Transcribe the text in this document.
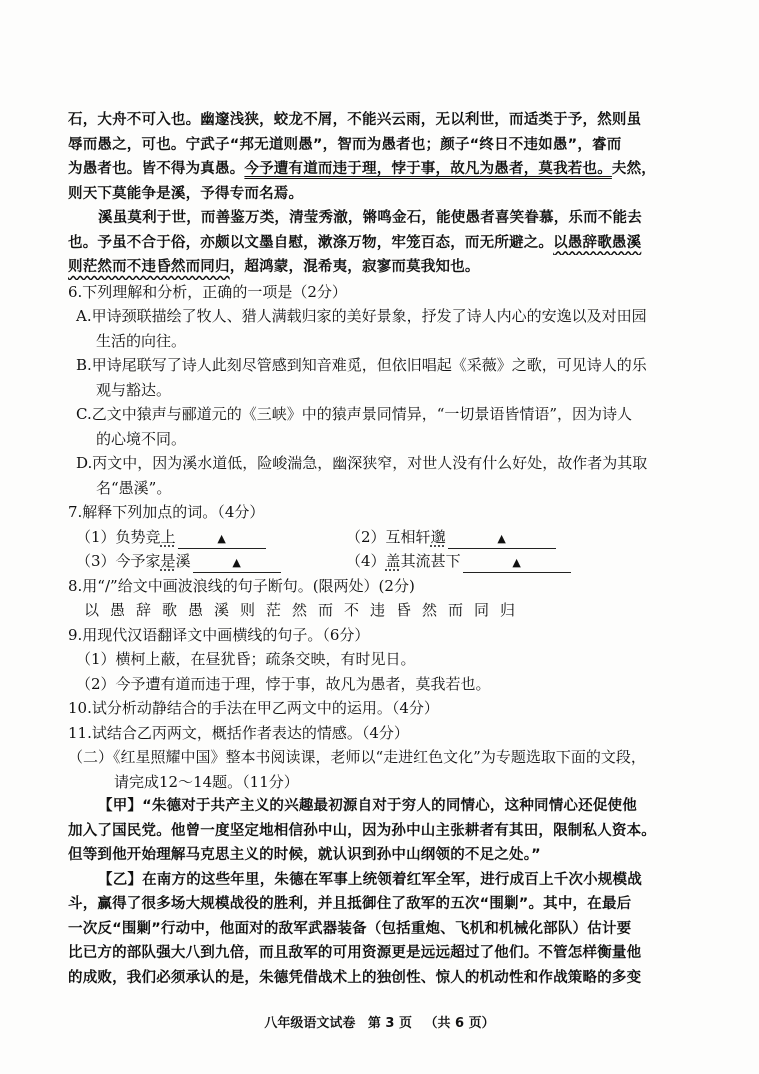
石，大舟不可入也。幽邃浅狭，蛟龙不屑，不能兴云雨，无以利世，而适类于予，然则虽
辱而愚之，可也。宁武子“邦无道则愚”，智而为愚者也；颜子“终日不违如愚”，睿而
为愚者也。皆不得为真愚。今予遭有道而违于理，悖于事，故凡为愚者，莫我若也。夫然，
则天下莫能争是溪，予得专而名焉。
溪虽莫利于世，而善鉴万类，清莹秀澈，锵鸣金石，能使愚者喜笑眷慕，乐而不能去
也。予虽不合于俗，亦颇以文墨自慰，漱涤万物，牢笼百态，而无所避之。以愚辞歌愚溪
则茫然而不违昏然而同归，超鸿蒙，混希夷，寂寥而莫我知也。
6.下列理解和分析，正确的一项是（2分）
A.甲诗颈联描绘了牧人、猎人满载归家的美好景象，抒发了诗人内心的安逸以及对田园
生活的向往。
B.甲诗尾联写了诗人此刻尽管感到知音难觅，但依旧唱起《采薇》之歌，可见诗人的乐
观与豁达。
C.乙文中猿声与郦道元的《三峡》中的猿声景同情异，“一切景语皆情语”，因为诗人
的心境不同。
D.丙文中，因为溪水道低，险峻湍急，幽深狭窄，对世人没有什么好处，故作者为其取
名“愚溪”。
7.解释下列加点的词。（4分）
（1）负势竞上	▲	（2）互相轩邈	▲
（3）今予家是溪	▲	（4）盖其流甚下	▲
8.用“/”给文中画波浪线的句子断句。(限两处）(2分)
以愚辞歌愚溪则茫然而不违昏然而同归
9.用现代汉语翻译文中画横线的句子。（6分）
（1）横柯上蔽，在昼犹昏；疏条交映，有时见日。
（2）今予遭有道而违于理，悖于事，故凡为愚者，莫我若也。
10.试分析动静结合的手法在甲乙两文中的运用。（4分）
11.试结合乙丙两文，概括作者表达的情感。（4分）
（二）《红星照耀中国》整本书阅读课，老师以“走进红色文化”为专题选取下面的文段，
请完成12～14题。（11分）
【甲】“朱德对于共产主义的兴趣最初源自对于穷人的同情心，这种同情心还促使他
加入了国民党。他曾一度坚定地相信孙中山，因为孙中山主张耕者有其田，限制私人资本。
但等到他开始理解马克思主义的时候，就认识到孙中山纲领的不足之处。”
【乙】在南方的这些年里，朱德在军事上统领着红军全军，进行成百上千次小规模战
斗，赢得了很多场大规模战役的胜利，并且抵御住了敌军的五次“围剿”。其中，在最后
一次反“围剿”行动中，他面对的敌军武器装备（包括重炮、飞机和机械化部队）估计要
比已方的部队强大八到九倍，而且敌军的可用资源更是远远超过了他们。不管怎样衡量他
的成败，我们必须承认的是，朱德凭借战术上的独创性、惊人的机动性和作战策略的多变
八年级语文试卷 第 3 页 （共 6 页）
